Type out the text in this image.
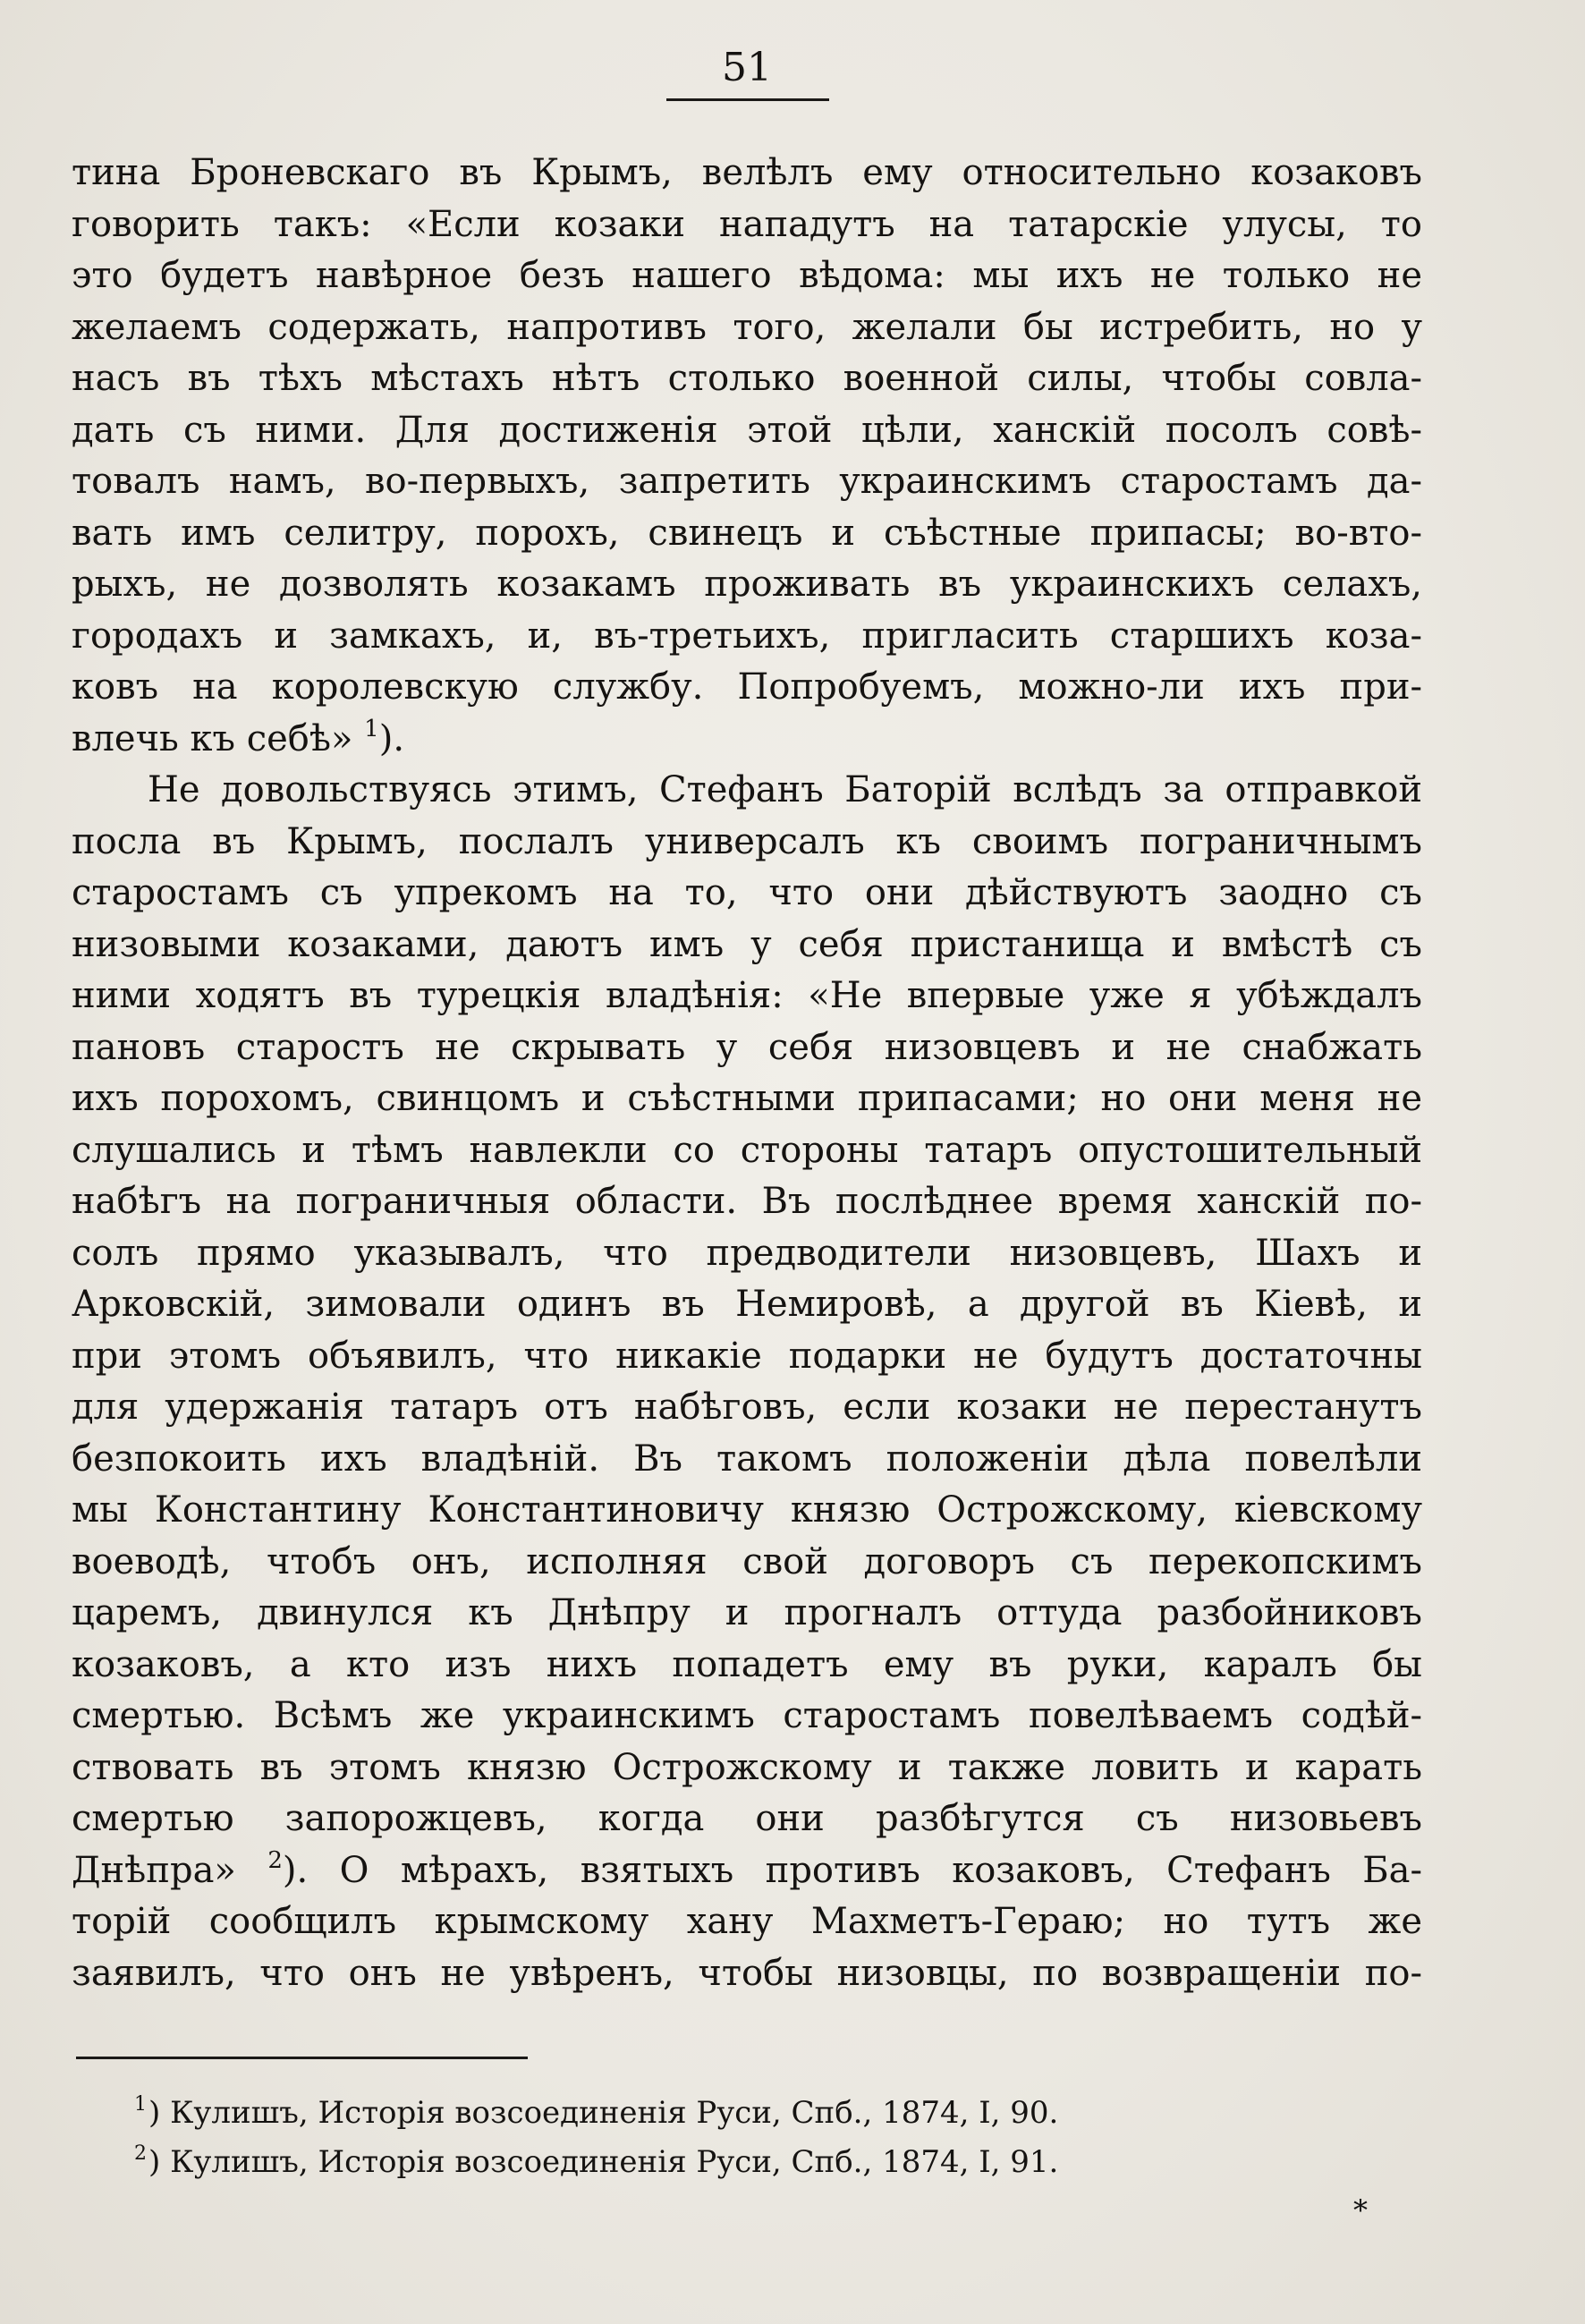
51
тина Броневскаго въ Крымъ, велѣлъ ему относительно козаковъ
говорить такъ: «Если козаки нападутъ на татарскіе улусы, то
это будетъ навѣрное безъ нашего вѣдома: мы ихъ не только не
желаемъ содержать, напротивъ того, желали бы истребить, но у
насъ въ тѣхъ мѣстахъ нѣтъ столько военной силы, чтобы совла-
дать съ ними. Для достиженія этой цѣли, ханскій посолъ совѣ-
товалъ намъ, во-первыхъ, запретить украинскимъ старостамъ да-
вать имъ селитру, порохъ, свинецъ и съѣстные припасы; во-вто-
рыхъ, не дозволять козакамъ проживать въ украинскихъ селахъ,
городахъ и замкахъ, и, въ-третьихъ, пригласить старшихъ коза-
ковъ на королевскую службу. Попробуемъ, можно-ли ихъ при-
влечь къ себѣ» $^1$).
Не довольствуясь этимъ, Стефанъ Баторій вслѣдъ за отправкой
посла въ Крымъ, послалъ универсалъ къ своимъ пограничнымъ
старостамъ съ упрекомъ на то, что они дѣйствуютъ заодно съ
низовыми козаками, даютъ имъ у себя пристанища и вмѣстѣ съ
ними ходятъ въ турецкія владѣнія: «Не впервые уже я убѣждалъ
пановъ старостъ не скрывать у себя низовцевъ и не снабжать
ихъ порохомъ, свинцомъ и съѣстными припасами; но они меня не
слушались и тѣмъ навлекли со стороны татаръ опустошительный
набѣгъ на пограничныя области. Въ послѣднее время ханскій по-
солъ прямо указывалъ, что предводители низовцевъ, Шахъ и
Арковскій, зимовали одинъ въ Немировѣ, а другой въ Кіевѣ, и
при этомъ объявилъ, что никакіе подарки не будутъ достаточны
для удержанія татаръ отъ набѣговъ, если козаки не перестанутъ
безпокоить ихъ владѣній. Въ такомъ положеніи дѣла повелѣли
мы Константину Константиновичу князю Острожскому, кіевскому
воеводѣ, чтобъ онъ, исполняя свой договоръ съ перекопскимъ
царемъ, двинулся къ Днѣпру и прогналъ оттуда разбойниковъ
козаковъ, а кто изъ нихъ попадетъ ему въ руки, каралъ бы
смертью. Всѣмъ же украинскимъ старостамъ повелѣваемъ содѣй-
ствовать въ этомъ князю Острожскому и также ловить и карать
смертью запорожцевъ, когда они разбѣгутся съ низовьевъ
Днѣпра» $^2$). О мѣрахъ, взятыхъ противъ козаковъ, Стефанъ Ба-
торій сообщилъ крымскому хану Махметъ-Гераю; но тутъ же
заявилъ, что онъ не увѣренъ, чтобы низовцы, по возвращеніи по-
$^1$) Кулишъ, Исторія возсоединенія Руси, Спб., 1874, I, 90.
$^2$) Кулишъ, Исторія возсоединенія Руси, Спб., 1874, I, 91.
*
